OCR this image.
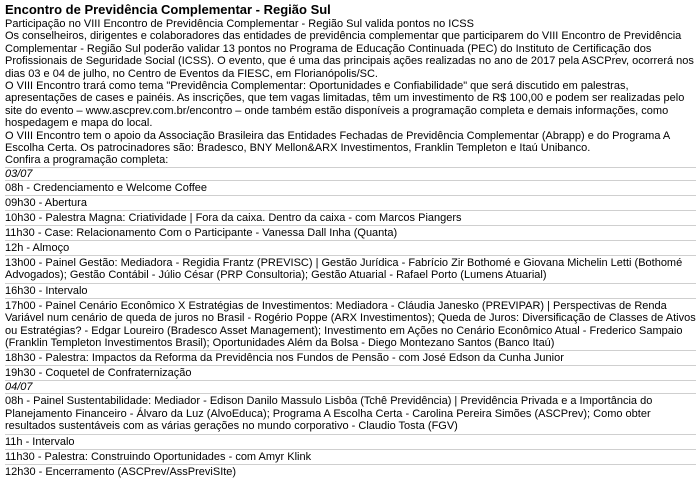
Encontro de Previdência Complementar - Região Sul
Participação no VIII Encontro de Previdência Complementar - Região Sul valida pontos no ICSS
Os conselheiros, dirigentes e colaboradores das entidades de previdência complementar que participarem do VIII Encontro de Previdência Complementar - Região Sul poderão validar 13 pontos no Programa de Educação Continuada (PEC) do Instituto de Certificação dos Profissionais de Seguridade Social (ICSS). O evento, que é uma das principais ações realizadas no ano de 2017 pela ASCPrev, ocorrerá nos dias 03 e 04 de julho, no Centro de Eventos da FIESC, em Florianópolis/SC.
O VIII Encontro trará como tema "Previdência Complementar: Oportunidades e Confiabilidade" que será discutido em palestras, apresentações de cases e painéis. As inscrições, que tem vagas limitadas, têm um investimento de R$ 100,00 e podem ser realizadas pelo site do evento – www.ascprev.com.br/encontro – onde também estão disponíveis a programação completa e demais informações, como hospedagem e mapa do local.
O VIII Encontro tem o apoio da Associação Brasileira das Entidades Fechadas de Previdência Complementar (Abrapp) e do Programa A Escolha Certa. Os patrocinadores são: Bradesco, BNY Mellon&ARX Investimentos, Franklin Templeton e Itaú Unibanco.
Confira a programação completa:
03/07
08h - Credenciamento e Welcome Coffee
09h30 - Abertura
10h30 - Palestra Magna: Criatividade | Fora da caixa. Dentro da caixa - com Marcos Piangers
11h30 - Case: Relacionamento Com o Participante - Vanessa Dall Inha (Quanta)
12h - Almoço
13h00 - Painel Gestão: Mediadora - Regidia Frantz (PREVISC) | Gestão Jurídica - Fabrício Zir Bothomé e Giovana Michelin Letti (Bothomé Advogados); Gestão Contábil - Júlio César (PRP Consultoria); Gestão Atuarial - Rafael Porto (Lumens Atuarial)
16h30 - Intervalo
17h00 - Painel Cenário Econômico X Estratégias de Investimentos: Mediadora - Cláudia Janesko (PREVIPAR) | Perspectivas de Renda Variável num cenário de queda de juros no Brasil - Rogério Poppe (ARX Investimentos); Queda de Juros: Diversificação de Classes de Ativos ou Estratégias? - Edgar Loureiro (Bradesco Asset Management); Investimento em Ações no Cenário Econômico Atual - Frederico Sampaio (Franklin Templeton Investimentos Brasil); Oportunidades Além da Bolsa - Diego Montezano Santos (Banco Itaú)
18h30 - Palestra: Impactos da Reforma da Previdência nos Fundos de Pensão - com José Edson da Cunha Junior
19h30 - Coquetel de Confraternização
04/07
08h - Painel Sustentabilidade: Mediador - Edison Danilo Massulo Lisbôa (Tchê Previdência) | Previdência Privada e a Importância do Planejamento Financeiro - Álvaro da Luz (AlvoEduca); Programa A Escolha Certa - Carolina Pereira Simões (ASCPrev); Como obter resultados sustentáveis com as várias gerações no mundo corporativo - Claudio Tosta (FGV)
11h - Intervalo
11h30 - Palestra: Construindo Oportunidades - com Amyr Klink
12h30 - Encerramento (ASCPrev/AssPreviSIte)
